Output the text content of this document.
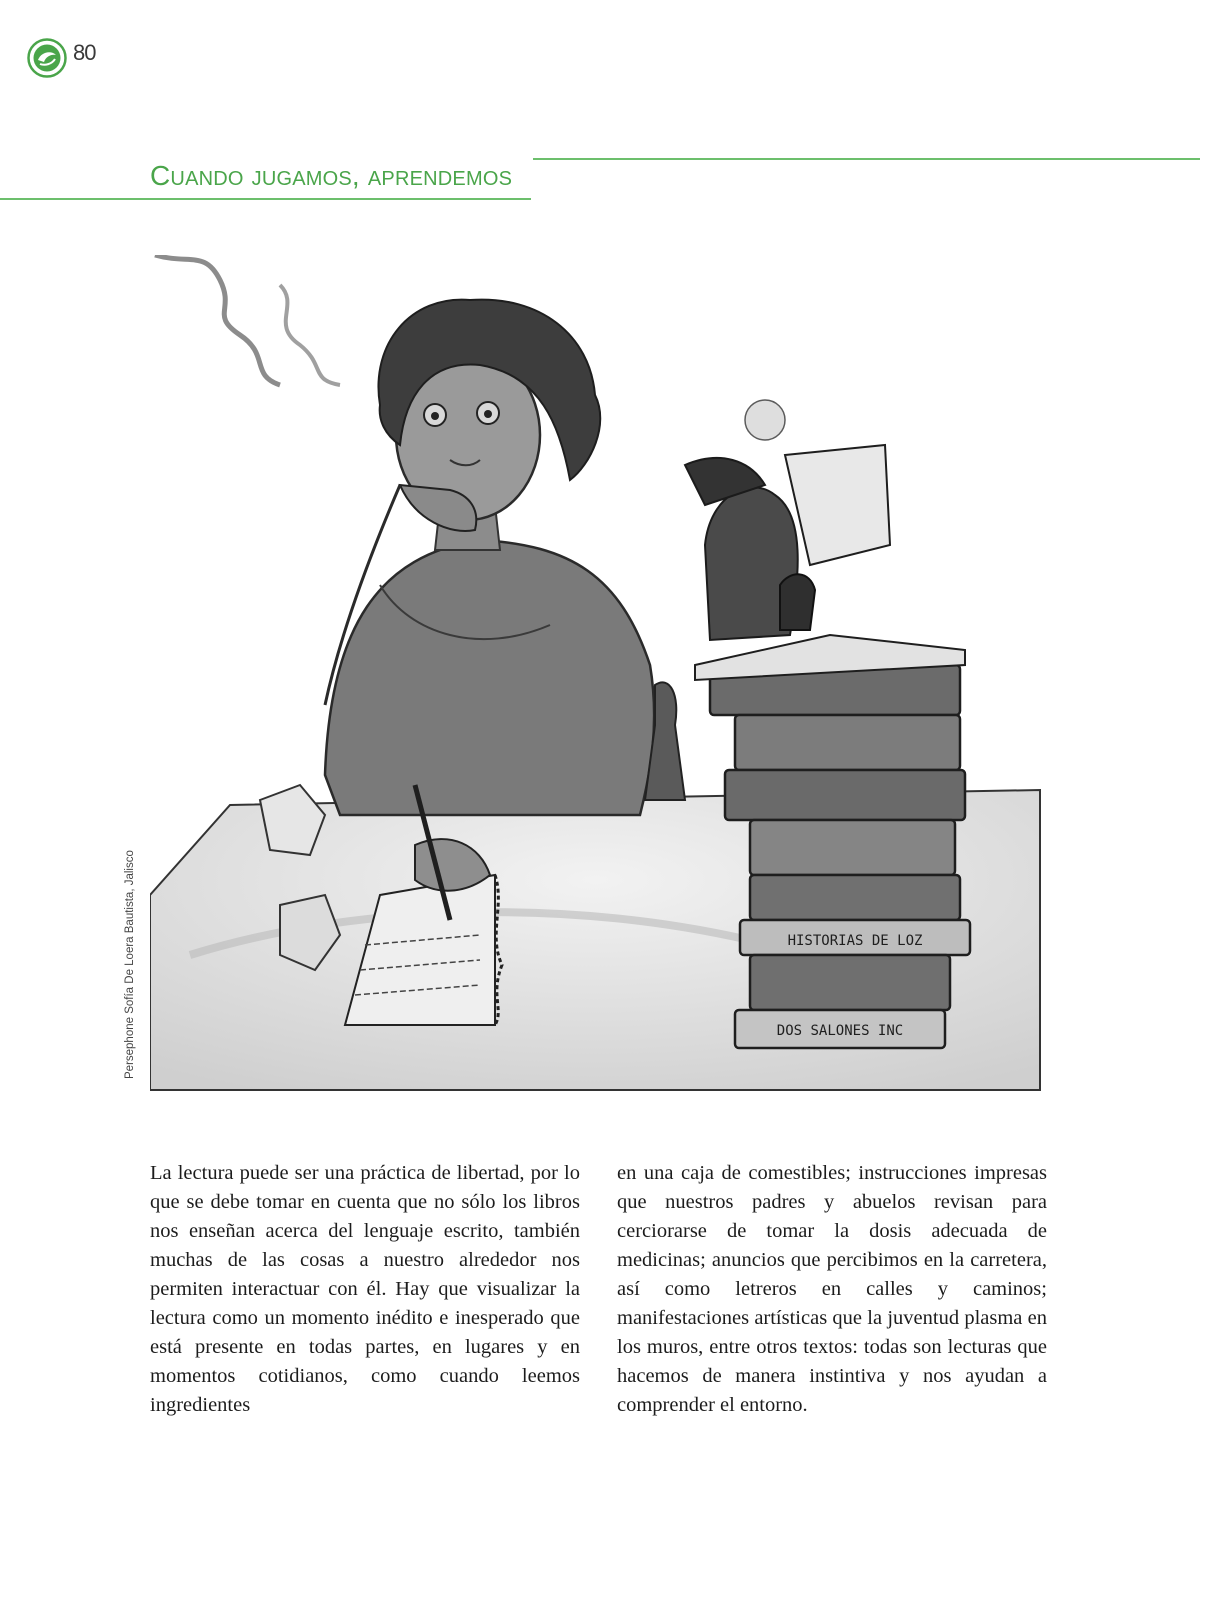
80
Cuando jugamos, aprendemos
HISTORIAS DE LOZ
DOS SALONES INC
Persephone Sofía De Loera Bautista, Jalisco

La lectura puede ser una práctica de libertad, por lo que se debe tomar en cuenta que no sólo los libros nos enseñan acerca del lenguaje escrito, también muchas de las cosas a nuestro alrededor nos permiten interactuar con él. Hay que visualizar la lectura como un momento inédito e inesperado que está presente en todas partes, en lugares y en momentos cotidianos, como cuando leemos ingredientes

en una caja de comestibles; instrucciones impresas que nuestros padres y abuelos revisan para cerciorarse de tomar la dosis adecuada de medicinas; anuncios que percibimos en la carretera, así como letreros en calles y caminos; manifestaciones artísticas que la juventud plasma en los muros, entre otros textos: todas son lecturas que hacemos de manera instintiva y nos ayudan a comprender el entorno.
